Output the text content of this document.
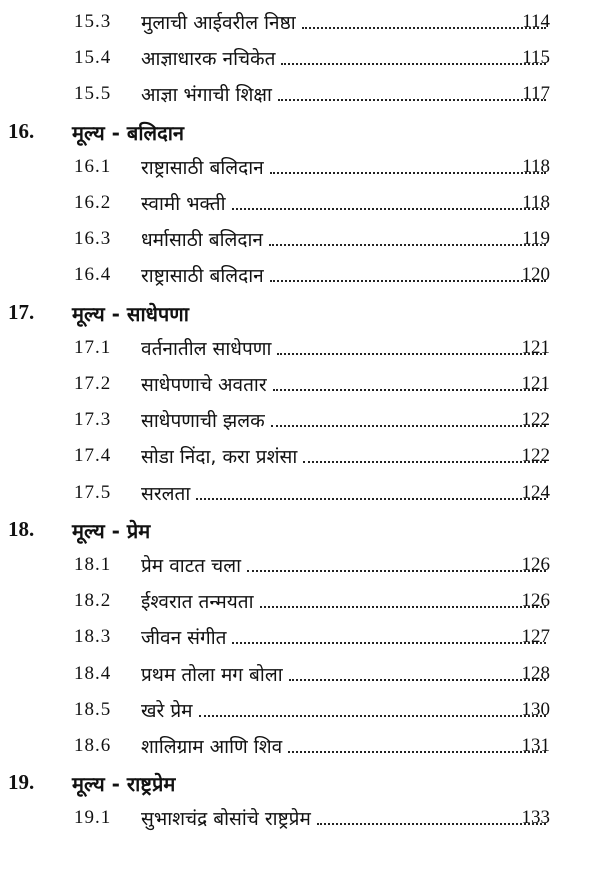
15.3 मुलाची आईवरील निष्ठा	114
15.4 आज्ञाधारक नचिकेत	115
15.5 आज्ञा भंगाची शिक्षा	117
16. मूल्य - बलिदान
16.1 राष्ट्रासाठी बलिदान	118
16.2 स्वामी भक्ती	118
16.3 धर्मासाठी बलिदान	119
16.4 राष्ट्रासाठी बलिदान	120
17. मूल्य - साधेपणा
17.1 वर्तनातील साधेपणा	121
17.2 साधेपणाचे अवतार	121
17.3 साधेपणाची झलक	122
17.4 सोडा निंदा, करा प्रशंसा	122
17.5 सरलता	124
18. मूल्य - प्रेम
18.1 प्रेम वाटत चला	126
18.2 ईश्वरात तन्मयता	126
18.3 जीवन संगीत	127
18.4 प्रथम तोला मग बोला	128
18.5 खरे प्रेम	130
18.6 शालिग्राम आणि शिव	131
19. मूल्य - राष्ट्रप्रेम
19.1 सुभाशचंद्र बोसांचे राष्ट्रप्रेम	133
